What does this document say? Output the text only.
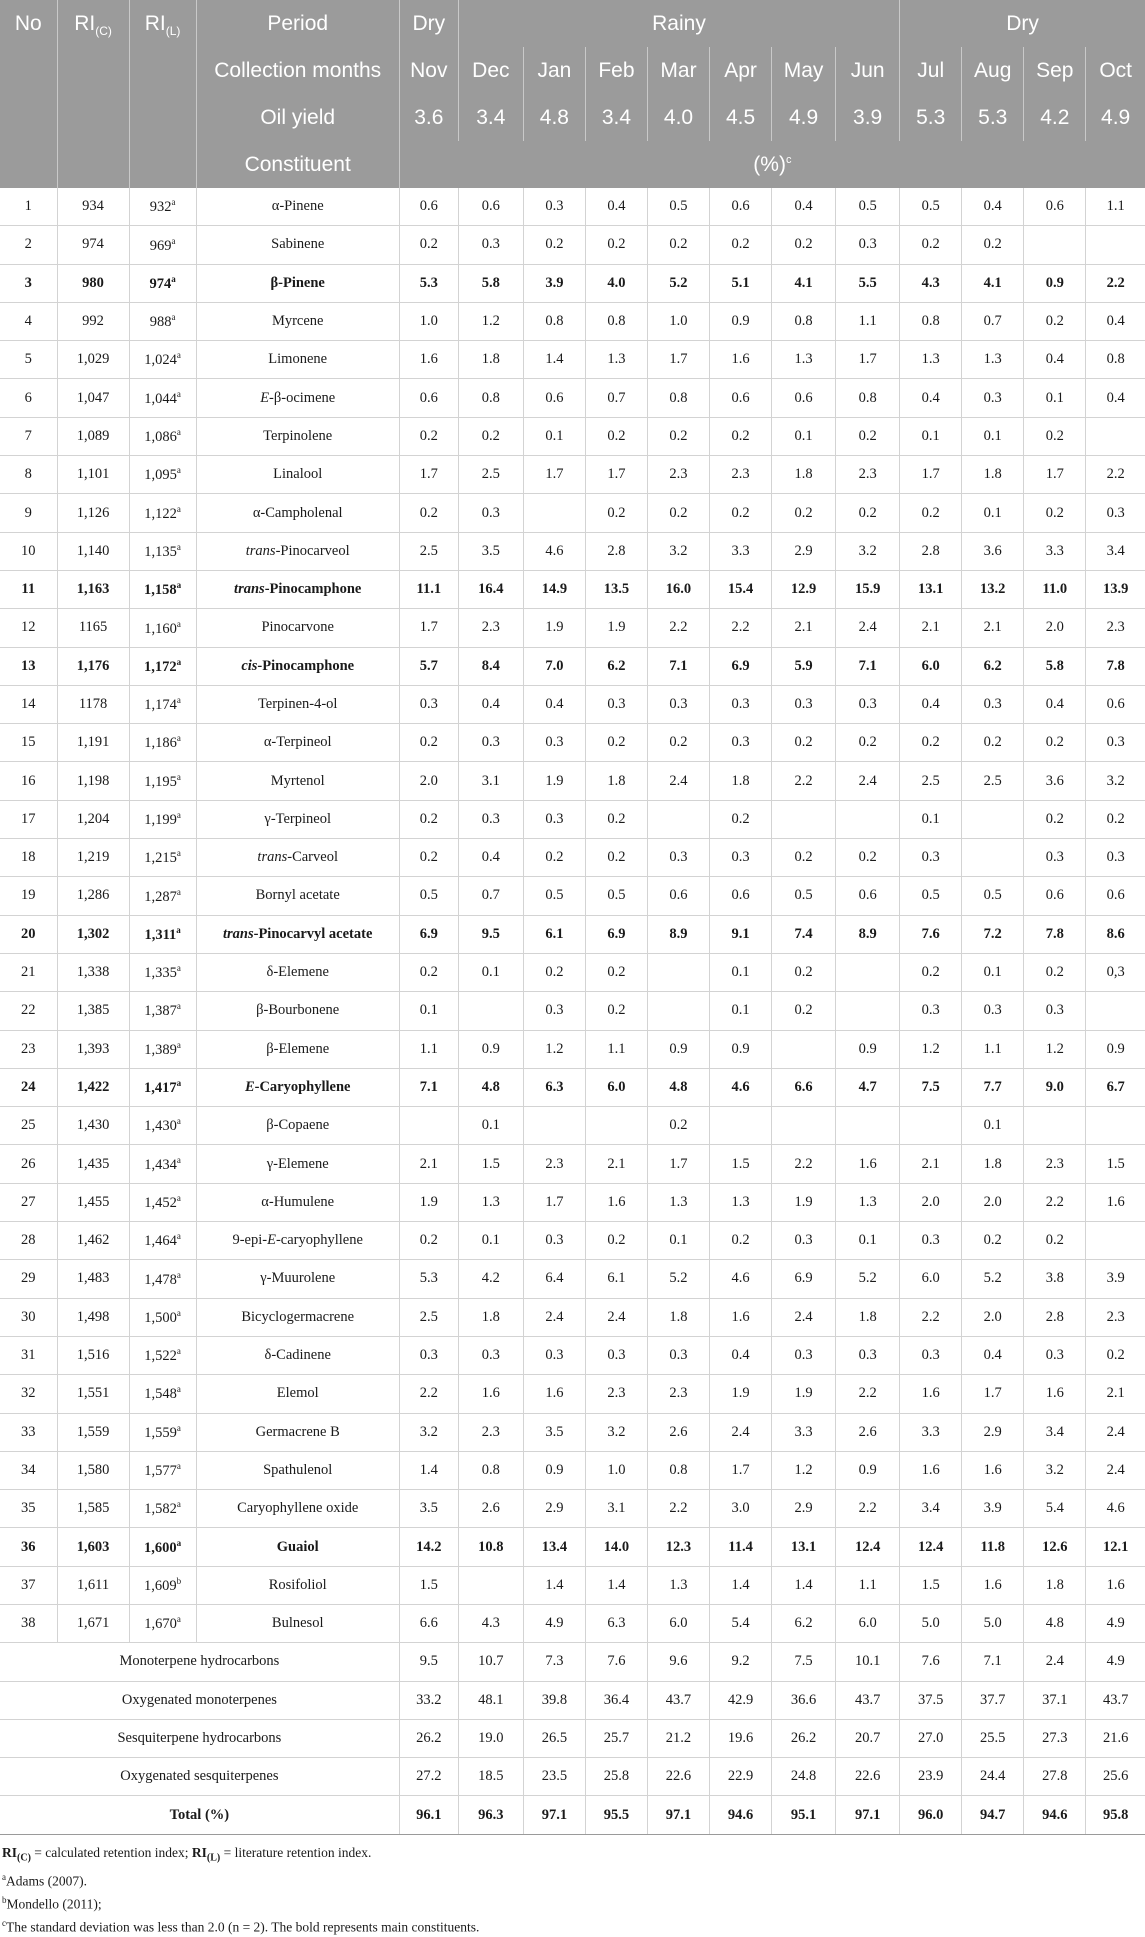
No	$RI_{(C)}$	$RI_{(L)}$	Period	Dry	Rainy							Dry			
			Collection months	Nov	Dec	Jan	Feb	Mar	Apr	May	Jun	Jul	Aug	Sep	Oct
			Oil yield	3.6	3.4	4.8	3.4	4.0	4.5	4.9	3.9	5.3	5.3	4.2	4.9
			Constituent	(%)$^c$
1	934	932$^a$	α-Pinene	0.6	0.6	0.3	0.4	0.5	0.6	0.4	0.5	0.5	0.4	0.6	1.1
2	974	969$^a$	Sabinene	0.2	0.3	0.2	0.2	0.2	0.2	0.2	0.3	0.2	0.2		
3	980	974$^a$	β-Pinene	5.3	5.8	3.9	4.0	5.2	5.1	4.1	5.5	4.3	4.1	0.9	2.2
4	992	988$^a$	Myrcene	1.0	1.2	0.8	0.8	1.0	0.9	0.8	1.1	0.8	0.7	0.2	0.4
5	1,029	1,024$^a$	Limonene	1.6	1.8	1.4	1.3	1.7	1.6	1.3	1.7	1.3	1.3	0.4	0.8
6	1,047	1,044$^a$	E-β-ocimene	0.6	0.8	0.6	0.7	0.8	0.6	0.6	0.8	0.4	0.3	0.1	0.4
7	1,089	1,086$^a$	Terpinolene	0.2	0.2	0.1	0.2	0.2	0.2	0.1	0.2	0.1	0.1	0.2	
8	1,101	1,095$^a$	Linalool	1.7	2.5	1.7	1.7	2.3	2.3	1.8	2.3	1.7	1.8	1.7	2.2
9	1,126	1,122$^a$	α-Campholenal	0.2	0.3		0.2	0.2	0.2	0.2	0.2	0.2	0.1	0.2	0.3
10	1,140	1,135$^a$	trans-Pinocarveol	2.5	3.5	4.6	2.8	3.2	3.3	2.9	3.2	2.8	3.6	3.3	3.4
11	1,163	1,158$^a$	trans-Pinocamphone	11.1	16.4	14.9	13.5	16.0	15.4	12.9	15.9	13.1	13.2	11.0	13.9
12	1165	1,160$^a$	Pinocarvone	1.7	2.3	1.9	1.9	2.2	2.2	2.1	2.4	2.1	2.1	2.0	2.3
13	1,176	1,172$^a$	cis-Pinocamphone	5.7	8.4	7.0	6.2	7.1	6.9	5.9	7.1	6.0	6.2	5.8	7.8
14	1178	1,174$^a$	Terpinen-4-ol	0.3	0.4	0.4	0.3	0.3	0.3	0.3	0.3	0.4	0.3	0.4	0.6
15	1,191	1,186$^a$	α-Terpineol	0.2	0.3	0.3	0.2	0.2	0.3	0.2	0.2	0.2	0.2	0.2	0.3
16	1,198	1,195$^a$	Myrtenol	2.0	3.1	1.9	1.8	2.4	1.8	2.2	2.4	2.5	2.5	3.6	3.2
17	1,204	1,199$^a$	γ-Terpineol	0.2	0.3	0.3	0.2		0.2			0.1		0.2	0.2
18	1,219	1,215$^a$	trans-Carveol	0.2	0.4	0.2	0.2	0.3	0.3	0.2	0.2	0.3		0.3	0.3
19	1,286	1,287$^a$	Bornyl acetate	0.5	0.7	0.5	0.5	0.6	0.6	0.5	0.6	0.5	0.5	0.6	0.6
20	1,302	1,311$^a$	trans-Pinocarvyl acetate	6.9	9.5	6.1	6.9	8.9	9.1	7.4	8.9	7.6	7.2	7.8	8.6
21	1,338	1,335$^a$	δ-Elemene	0.2	0.1	0.2	0.2		0.1	0.2		0.2	0.1	0.2	0,3
22	1,385	1,387$^a$	β-Bourbonene	0.1		0.3	0.2		0.1	0.2		0.3	0.3	0.3	
23	1,393	1,389$^a$	β-Elemene	1.1	0.9	1.2	1.1	0.9	0.9		0.9	1.2	1.1	1.2	0.9
24	1,422	1,417$^a$	E-Caryophyllene	7.1	4.8	6.3	6.0	4.8	4.6	6.6	4.7	7.5	7.7	9.0	6.7
25	1,430	1,430$^a$	β-Copaene		0.1			0.2					0.1		
26	1,435	1,434$^a$	γ-Elemene	2.1	1.5	2.3	2.1	1.7	1.5	2.2	1.6	2.1	1.8	2.3	1.5
27	1,455	1,452$^a$	α-Humulene	1.9	1.3	1.7	1.6	1.3	1.3	1.9	1.3	2.0	2.0	2.2	1.6
28	1,462	1,464$^a$	9-epi-E-caryophyllene	0.2	0.1	0.3	0.2	0.1	0.2	0.3	0.1	0.3	0.2	0.2	
29	1,483	1,478$^a$	γ-Muurolene	5.3	4.2	6.4	6.1	5.2	4.6	6.9	5.2	6.0	5.2	3.8	3.9
30	1,498	1,500$^a$	Bicyclogermacrene	2.5	1.8	2.4	2.4	1.8	1.6	2.4	1.8	2.2	2.0	2.8	2.3
31	1,516	1,522$^a$	δ-Cadinene	0.3	0.3	0.3	0.3	0.3	0.4	0.3	0.3	0.3	0.4	0.3	0.2
32	1,551	1,548$^a$	Elemol	2.2	1.6	1.6	2.3	2.3	1.9	1.9	2.2	1.6	1.7	1.6	2.1
33	1,559	1,559$^a$	Germacrene B	3.2	2.3	3.5	3.2	2.6	2.4	3.3	2.6	3.3	2.9	3.4	2.4
34	1,580	1,577$^a$	Spathulenol	1.4	0.8	0.9	1.0	0.8	1.7	1.2	0.9	1.6	1.6	3.2	2.4
35	1,585	1,582$^a$	Caryophyllene oxide	3.5	2.6	2.9	3.1	2.2	3.0	2.9	2.2	3.4	3.9	5.4	4.6
36	1,603	1,600$^a$	Guaiol	14.2	10.8	13.4	14.0	12.3	11.4	13.1	12.4	12.4	11.8	12.6	12.1
37	1,611	1,609$^b$	Rosifoliol	1.5		1.4	1.4	1.3	1.4	1.4	1.1	1.5	1.6	1.8	1.6
38	1,671	1,670$^a$	Bulnesol	6.6	4.3	4.9	6.3	6.0	5.4	6.2	6.0	5.0	5.0	4.8	4.9
Monoterpene hydrocarbons				9.5	10.7	7.3	7.6	9.6	9.2	7.5	10.1	7.6	7.1	2.4	4.9
Oxygenated monoterpenes				33.2	48.1	39.8	36.4	43.7	42.9	36.6	43.7	37.5	37.7	37.1	43.7
Sesquiterpene hydrocarbons				26.2	19.0	26.5	25.7	21.2	19.6	26.2	20.7	27.0	25.5	27.3	21.6
Oxygenated sesquiterpenes				27.2	18.5	23.5	25.8	22.6	22.9	24.8	22.6	23.9	24.4	27.8	25.6
Total (%)				96.1	96.3	97.1	95.5	97.1	94.6	95.1	97.1	96.0	94.7	94.6	95.8
$RI_{(C)}$ = calculated retention index; $RI_{(L)}$ = literature retention index.
$^a$Adams (2007).
$^b$Mondello (2011);
$^c$The standard deviation was less than 2.0 (n = 2). The bold represents main constituents.
